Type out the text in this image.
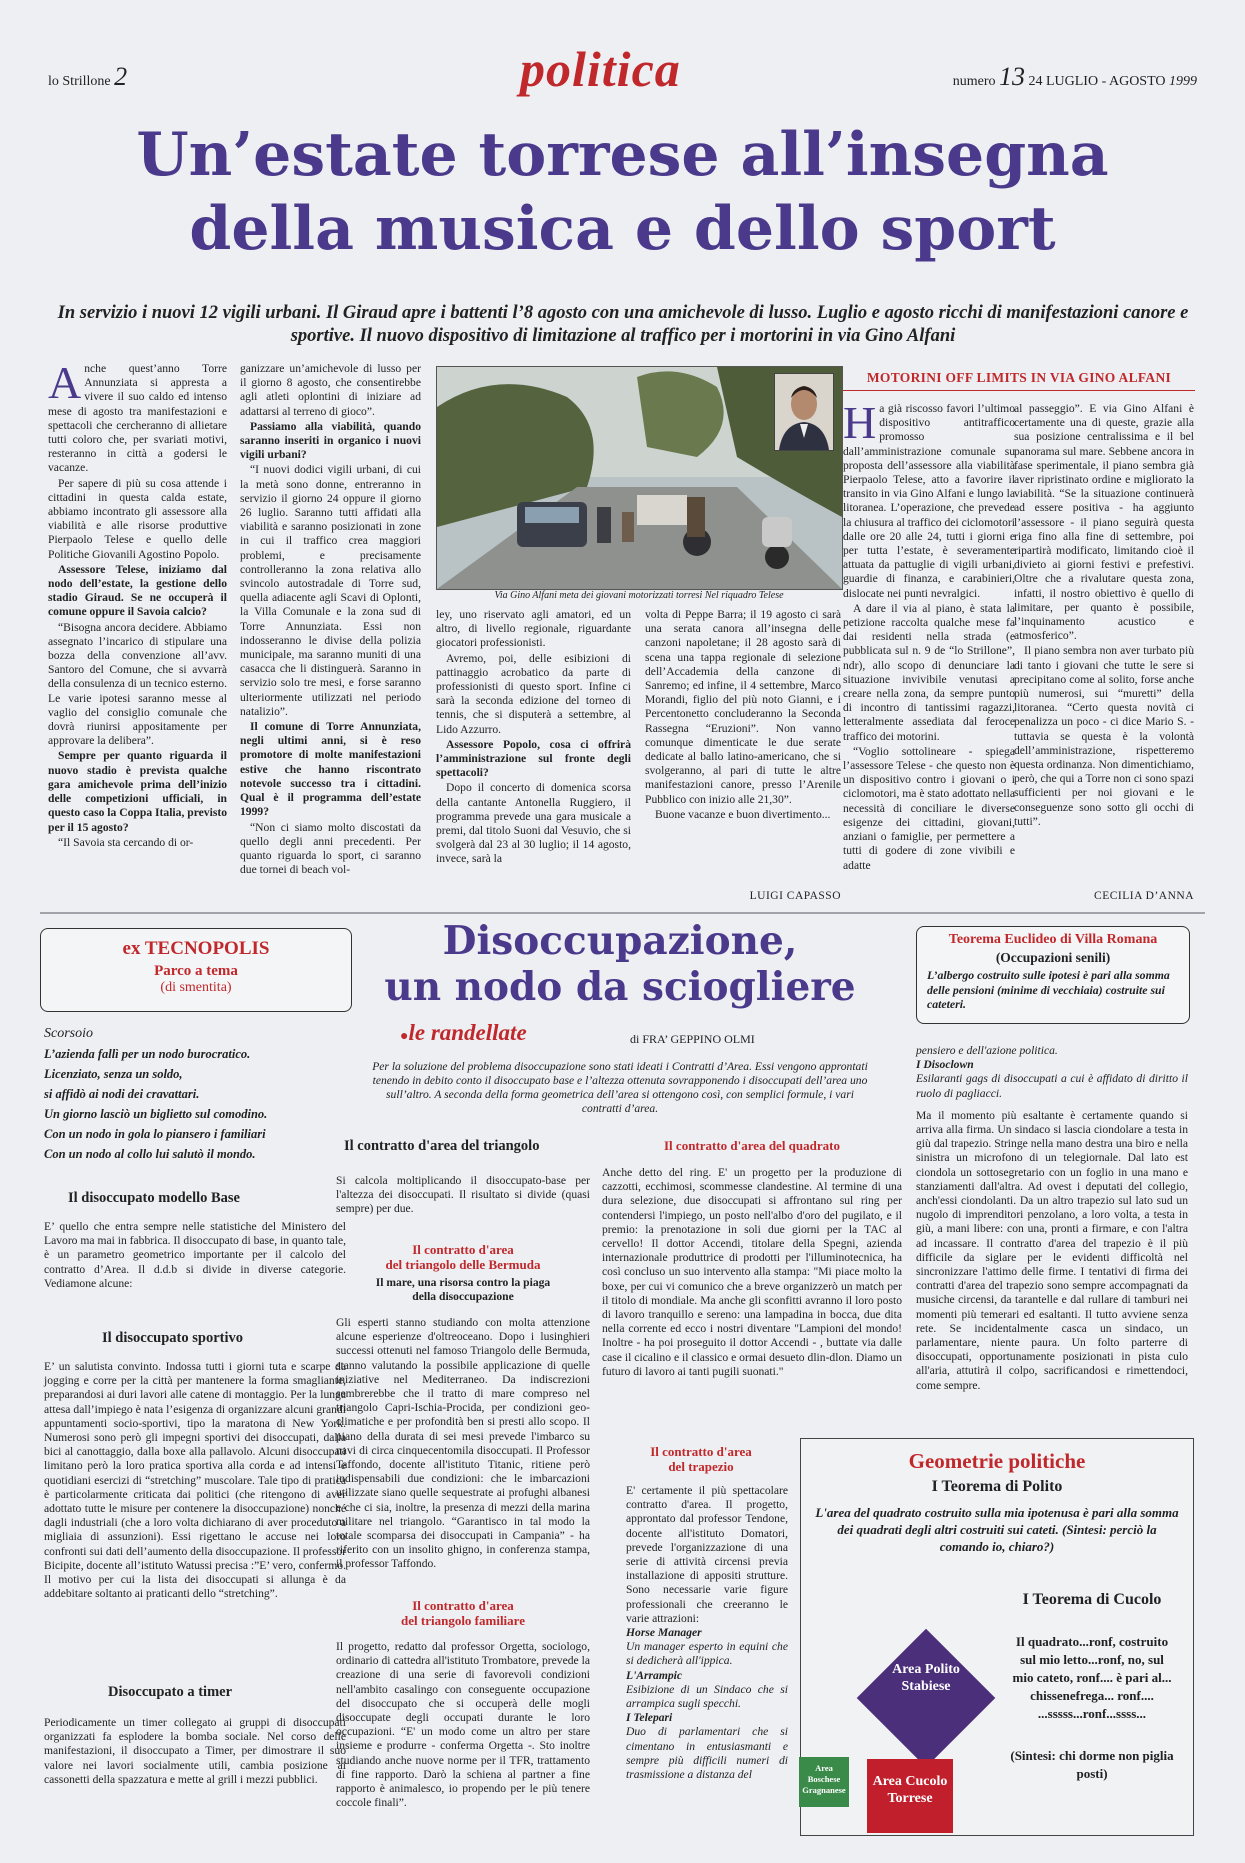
lo Strillone 2	politica	numero 13 24 LUGLIO - AGOSTO 1999
Un’estate torrese all’insegna
della musica e dello sport
In servizio i nuovi 12 vigili urbani. Il Giraud apre i battenti l’8 agosto con una amichevole di lusso. Luglio e agosto ricchi di manifestazioni canore e sportive. Il nuovo dispositivo di limitazione al traffico per i mortorini in via Gino Alfani
A nche quest’anno Torre Annunziata si appresta a vivere il suo caldo ed intenso mese di agosto tra manifestazioni e spettacoli che cercheranno di allietare tutti coloro che, per svariati motivi, resteranno in città a godersi le vacanze.

Per sapere di più su cosa attende i cittadini in questa calda estate, abbiamo incontrato gli assessore alla viabilità e alle risorse produttive Pierpaolo Telese e quello delle Politiche Giovanili Agostino Popolo.

Assessore Telese, iniziamo dal nodo dell’estate, la gestione dello stadio Giraud. Se ne occuperà il comune oppure il Savoia calcio?

“Bisogna ancora decidere. Abbiamo assegnato l’incarico di stipulare una bozza della convenzione all’avv. Santoro del Comune, che si avvarrà della consulenza di un tecnico esterno. Le varie ipotesi saranno messe al vaglio del consiglio comunale che dovrà riunirsi appositamente per approvare la delibera”.

Sempre per quanto riguarda il nuovo stadio è prevista qualche gara amichevole prima dell’inizio delle competizioni ufficiali, in questo caso la Coppa Italia, previsto per il 15 agosto?

“Il Savoia sta cercando di or-

ganizzare un’amichevole di lusso per il giorno 8 agosto, che consentirebbe agli atleti oplontini di iniziare ad adattarsi al terreno di gioco”.

Passiamo alla viabilità, quando saranno inseriti in organico i nuovi vigili urbani?

“I nuovi dodici vigili urbani, di cui la metà sono donne, entreranno in servizio il giorno 24 oppure il giorno 26 luglio. Saranno tutti affidati alla viabilità e saranno posizionati in zone in cui il traffico crea maggiori problemi, e precisamente controlleranno la zona relativa allo svincolo autostradale di Torre sud, quella adiacente agli Scavi di Oplonti, la Villa Comunale e la zona sud di Torre Annunziata. Essi non indosseranno le divise della polizia municipale, ma saranno muniti di una casacca che li distinguerà. Saranno in servizio solo tre mesi, e forse saranno ulteriormente utilizzati nel periodo natalizio”.

Il comune di Torre Annunziata, negli ultimi anni, si è reso promotore di molte manifestazioni estive che hanno riscontrato notevole successo tra i cittadini. Qual è il programma dell’estate 1999?

“Non ci siamo molto discostati da quello degli anni precedenti. Per quanto riguarda lo sport, ci saranno due tornei di beach vol-

Via Gino Alfani meta dei giovani motorizzati torresi Nel riquadro Telese

ley, uno riservato agli amatori, ed un altro, di livello regionale, riguardante giocatori professionisti.

Avremo, poi, delle esibizioni di pattinaggio acrobatico da parte di professionisti di questo sport. Infine ci sarà la seconda edizione del torneo di tennis, che si disputerà a settembre, al Lido Azzurro.

Assessore Popolo, cosa ci offrirà l’amministrazione sul fronte degli spettacoli?

Dopo il concerto di domenica scorsa della cantante Antonella Ruggiero, il programma prevede una gara musicale a premi, dal titolo Suoni dal Vesuvio, che si svolgerà dal 23 al 30 luglio; il 14 agosto, invece, sarà la

volta di Peppe Barra; il 19 agosto ci sarà una serata canora all’insegna delle canzoni napoletane; il 28 agosto sarà di scena una tappa regionale di selezione dell’Accademia della canzone di Sanremo; ed infine, il 4 settembre, Marco Morandi, figlio del più noto Gianni, e i Percentonetto concluderanno la Seconda Rassegna “Eruzioni”. Non vanno comunque dimenticate le due serate dedicate al ballo latino-americano, che si svolgeranno, al pari di tutte le altre manifestazioni canore, presso l’Arenile Pubblico con inizio alle 21,30”.

Buone vacanze e buon divertimento...

LUIGI CAPASSO
MOTORINI OFF LIMITS IN VIA GINO ALFANI
H a già riscosso favori l’ultimo dispositivo antitraffico promosso dall’amministrazione comunale su proposta dell’assessore alla viabilità Pierpaolo Telese, atto a favorire il transito in via Gino Alfani e lungo la litoranea. L’operazione, che prevede la chiusura al traffico dei ciclomotori dalle ore 20 alle 24, tutti i giorni e per tutta l’estate, è severamente attuata da pattuglie di vigili urbani, guardie di finanza, e carabinieri, dislocate nei punti nevralgici.

A dare il via al piano, è stata la petizione raccolta qualche mese fa dai residenti nella strada (e pubblicata sul n. 9 de “lo Strillone”, ndr), allo scopo di denunciare la situazione invivibile venutasi a creare nella zona, da sempre punto di incontro di tantissimi ragazzi, letteralmente assediata dal feroce traffico dei motorini.

“Voglio sottolineare - spiega l’assessore Telese - che questo non è un dispositivo contro i giovani o i ciclomotori, ma è stato adottato nella necessità di conciliare le diverse esigenze dei cittadini, giovani, anziani o famiglie, per permettere a tutti di godere di zone vivibili e adatte

al passeggio”. E via Gino Alfani è certamente una di queste, grazie alla sua posizione centralissima e il bel panorama sul mare. Sebbene ancora in fase sperimentale, il piano sembra già aver ripristinato ordine e migliorato la viabilità. “Se la situazione continuerà ad essere positiva - ha aggiunto l’assessore - il piano seguirà questa riga fino alla fine di settembre, poi ripartirà modificato, limitando cioè il divieto ai giorni festivi e prefestivi. Oltre che a rivalutare questa zona, infatti, il nostro obiettivo è quello di limitare, per quanto è possibile, l’inquinamento acustico e atmosferico”.

Il piano sembra non aver turbato più di tanto i giovani che tutte le sere si precipitano come al solito, forse anche più numerosi, sui “muretti” della litoranea. “Certo questa novità ci penalizza un poco - ci dice Mario S. - tuttavia se questa è la volontà dell’amministrazione, rispetteremo questa ordinanza. Non dimentichiamo, però, che qui a Torre non ci sono spazi sufficienti per noi giovani e le conseguenze sono sotto gli occhi di tutti”.

CECILIA D’ANNA
ex TECNOPOLIS
Parco a tema
(di smentita)
Scorsoio
L’azienda fallì per un nodo burocratico.
Licenziato, senza un soldo,
si affidò ai nodi dei cravattari.
Un giorno lasciò un biglietto sul comodino.
Con un nodo in gola lo piansero i familiari
Con un nodo al collo lui salutò il mondo.
Disoccupazione,
un nodo da sciogliere
●le randellate	di FRA’ GEPPINO OLMI
Per la soluzione del problema disoccupazione sono stati ideati i Contratti d’Area. Essi vengono approntati tenendo in debito conto il disoccupato base e l’altezza ottenuta sovrapponendo i disoccupati dell’area uno sull’altro. A seconda della forma geometrica dell’area si ottengono così, con semplici formule, i vari contratti d’area.
Teorema Euclideo di Villa Romana
(Occupazioni senili)
L’albergo costruito sulle ipotesi è pari alla somma delle pensioni (minime di vecchiaia) costruite sui cateteri.
Il disoccupato modello Base
E’ quello che entra sempre nelle statistiche del Ministero del Lavoro ma mai in fabbrica. Il disoccupato di base, in quanto tale, è un parametro geometrico importante per il calcolo del contratto d’Area. Il d.d.b si divide in diverse categorie. Vediamone alcune:
Il disoccupato sportivo
E’ un salutista convinto. Indossa tutti i giorni tuta e scarpe da jogging e corre per la città per mantenere la forma smagliante, preparandosi ai duri lavori alle catene di montaggio. Per la lunga attesa dall’impiego è nata l’esigenza di organizzare alcuni grandi appuntamenti socio-sportivi, tipo la maratona di New York. Numerosi sono però gli impegni sportivi dei disoccupati, dalla bici al canottaggio, dalla boxe alla pallavolo. Alcuni disoccupati limitano però la loro pratica sportiva alla corda e ad intensi e quotidiani esercizi di “stretching” muscolare. Tale tipo di pratica è particolarmente criticata dai politici (che ritengono di aver adottato tutte le misure per contenere la disoccupazione) nonché dagli industriali (che a loro volta dichiarano di aver proceduto a migliaia di assunzioni). Essi rigettano le accuse nei loro confronti sui dati dell’aumento della disoccupazione. Il professor Bicipite, docente all’istituto Watussi precisa :”E’ vero, confermo. Il motivo per cui la lista dei disoccupati si allunga è da addebitare soltanto ai praticanti dello “stretching”.
Disoccupato a timer
Periodicamente un timer collegato ai gruppi di disoccupati organizzati fa esplodere la bomba sociale. Nel corso delle manifestazioni, il disoccupato a Timer, per dimostrare il suo valore nei lavori socialmente utili, cambia posizione ai cassonetti della spazzatura e mette al grill i mezzi pubblici.
Il contratto d'area del triangolo
Si calcola moltiplicando il disoccupato-base per l'altezza dei disoccupati. Il risultato si divide (quasi sempre) per due.
Il contratto d'area
del triangolo delle Bermuda
Il mare, una risorsa contro la piaga
della disoccupazione
Gli esperti stanno studiando con molta attenzione alcune esperienze d'oltreoceano. Dopo i lusinghieri successi ottenuti nel famoso Triangolo delle Bermuda, stanno valutando la possibile applicazione di quelle iniziative nel Mediterraneo. Da indiscrezioni sembrerebbe che il tratto di mare compreso nel triangolo Capri-Ischia-Procida, per condizioni geo-climatiche e per profondità ben si presti allo scopo. Il piano della durata di sei mesi prevede l'imbarco su navi di circa cinquecentomila disoccupati. Il Professor Taffondo, docente all'istituto Titanic, ritiene però indispensabili due condizioni: che le imbarcazioni utilizzate siano quelle sequestrate ai profughi albanesi e che ci sia, inoltre, la presenza di mezzi della marina militare nel triangolo. “Garantisco in tal modo la totale scomparsa dei disoccupati in Campania” - ha riferito con un insolito ghigno, in conferenza stampa, il professor Taffondo.
Il contratto d'area
del triangolo familiare
Il progetto, redatto dal professor Orgetta, sociologo, ordinario di cattedra all'istituto Trombatore, prevede la creazione di una serie di favorevoli condizioni nell'ambito casalingo con conseguente occupazione del disoccupato che si occuperà delle mogli disoccupate degli occupati durante le loro occupazioni. “E' un modo come un altro per stare insieme e produrre - conferma Orgetta -. Sto inoltre studiando anche nuove norme per il TFR, trattamento di fine rapporto. Darò la schiena al partner a fine rapporto è animalesco, io propendo per le più tenere coccole finali”.
Il contratto d'area del quadrato
Anche detto del ring. E' un progetto per la produzione di cazzotti, ecchimosi, scommesse clandestine. Al termine di una dura selezione, due disoccupati si affrontano sul ring per contendersi l'impiego, un posto nell'albo d'oro del pugilato, e il premio: la prenotazione in soli due giorni per la TAC al cervello! Il dottor Accendi, titolare della Spegni, azienda internazionale produttrice di prodotti per l'illuminotecnica, ha così concluso un suo intervento alla stampa: "Mi piace molto la boxe, per cui vi comunico che a breve organizzerò un match per il titolo di mondiale. Ma anche gli sconfitti avranno il loro posto di lavoro tranquillo e sereno: una lampadina in bocca, due dita nella corrente ed ecco i nostri diventare "Lampioni del mondo! Inoltre - ha poi proseguito il dottor Accendi - , buttate via dalle case il cicalino e il classico e ormai desueto dlin-dlon. Diamo un futuro di lavoro ai tanti pugili suonati."
Il contratto d'area
del trapezio
E' certamente il più spettacolare contratto d'area. Il progetto, approntato dal professor Tendone, docente all'istituto Domatori, prevede l'organizzazione di una serie di attività circensi previa installazione di appositi strutture. Sono necessarie varie figure professionali che creeranno le varie attrazioni:
Horse Manager
Un manager esperto in equini che si dedicherà all'ippica.
L'Arrampic
Esibizione di un Sindaco che si arrampica sugli specchi.
I Telepari
Duo di parlamentari che si cimentano in entusiasmanti e sempre più difficili numeri di trasmissione a distanza del
pensiero e dell'azione politica.
I Disoclown
Esilaranti gags di disoccupati a cui è affidato di diritto il ruolo di pagliacci.
Ma il momento più esaltante è certamente quando si arriva alla firma. Un sindaco si lascia ciondolare a testa in giù dal trapezio. Stringe nella mano destra una biro e nella sinistra un microfono di un telegiornale. Dal lato est ciondola un sottosegretario con un foglio in una mano e stanziamenti dall'altra. Ad ovest i deputati del collegio, anch'essi ciondolanti. Da un altro trapezio sul lato sud un nugolo di imprenditori penzolano, a loro volta, a testa in giù, a mani libere: con una, pronti a firmare, e con l'altra ad incassare. Il contratto d'area del trapezio è il più difficile da siglare per le evidenti difficoltà nel sincronizzare l'attimo delle firme. I tentativi di firma dei contratti d'area del trapezio sono sempre accompagnati da musiche circensi, da tarantelle e dal rullare di tamburi nei momenti più temerari ed esaltanti. Il tutto avviene senza rete. Se incidentalmente casca un sindaco, un parlamentare, niente paura. Un folto parterre di disoccupati, opportunamente posizionati in pista culo all'aria, attutirà il colpo, sacrificandosi e rimettendoci, come sempre.
Geometrie politiche
I Teorema di Polito
L'area del quadrato costruito sulla mia ipotenusa è pari alla somma dei quadrati degli altri costruiti sui cateti. (Sintesi: perciò la comando io, chiaro?)
I Teorema di Cucolo
Il quadrato...ronf, costruito sul mio letto...ronf, no, sul mio cateto, ronf.... è pari al... chissenefrega... ronf.... ...sssss...ronf...ssss...
(Sintesi: chi dorme non piglia posti)
Area Polito Stabiese
Area Boschese Gragnanese
Area Cucolo Torrese
